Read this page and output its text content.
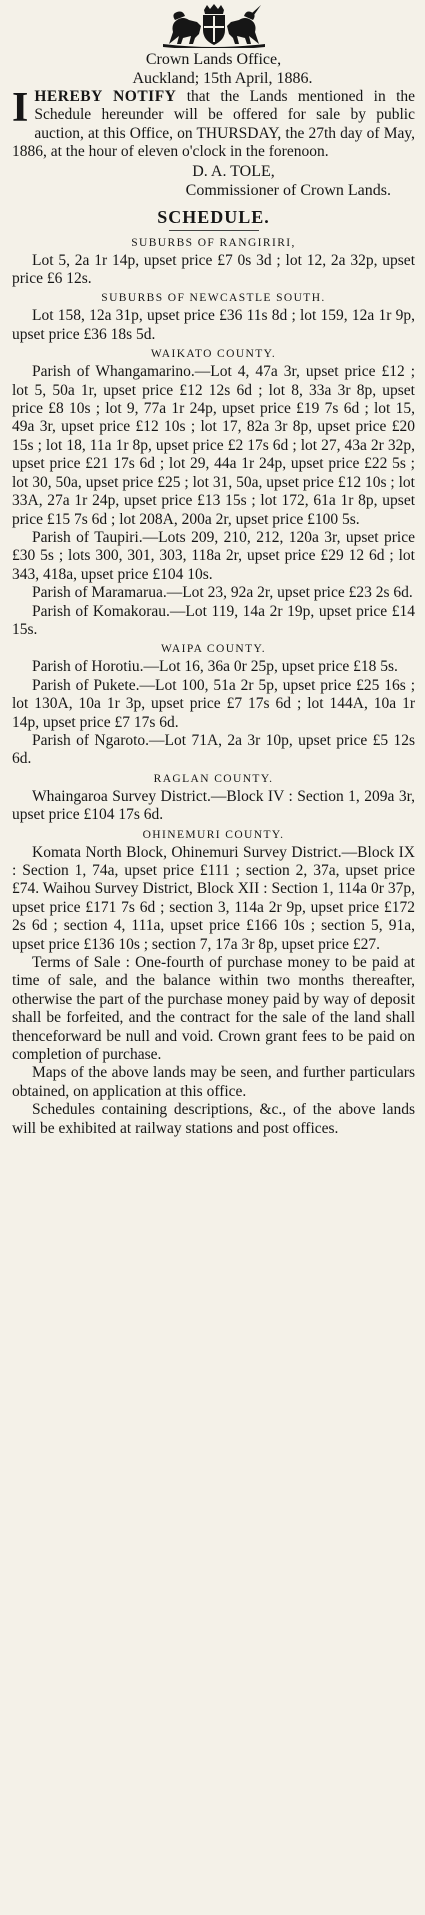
Crown Lands Office,
Auckland; 15th April, 1886.

IHEREBY NOTIFY that the Lands mentioned in the Schedule hereunder will be offered for sale by public auction, at this Office, on THURSDAY, the 27th day of May, 1886, at the hour of eleven o'clock in the forenoon.

D. A. TOLE,
Commissioner of Crown Lands.
SCHEDULE.
SUBURBS OF RANGIRIRI,

Lot 5, 2a 1r 14p, upset price £7 0s 3d ; lot 12, 2a 32p, upset price £6 12s.

SUBURBS OF NEWCASTLE SOUTH.

Lot 158, 12a 31p, upset price £36 11s 8d ; lot 159, 12a 1r 9p, upset price £36 18s 5d.

WAIKATO COUNTY.

Parish of Whangamarino.—Lot 4, 47a 3r, upset price £12 ; lot 5, 50a 1r, upset price £12 12s 6d ; lot 8, 33a 3r 8p, upset price £8 10s ; lot 9, 77a 1r 24p, upset price £19 7s 6d ; lot 15, 49a 3r, upset price £12 10s ; lot 17, 82a 3r 8p, upset price £20 15s ; lot 18, 11a 1r 8p, upset price £2 17s 6d ; lot 27, 43a 2r 32p, upset price £21 17s 6d ; lot 29, 44a 1r 24p, upset price £22 5s ; lot 30, 50a, upset price £25 ; lot 31, 50a, upset price £12 10s ; lot 33A, 27a 1r 24p, upset price £13 15s ; lot 172, 61a 1r 8p, upset price £15 7s 6d ; lot 208A, 200a 2r, upset price £100 5s.

Parish of Taupiri.—Lots 209, 210, 212, 120a 3r, upset price £30 5s ; lots 300, 301, 303, 118a 2r, upset price £29 12 6d ; lot 343, 418a, upset price £104 10s.

Parish of Maramarua.—Lot 23, 92a 2r, upset price £23 2s 6d.

Parish of Komakorau.—Lot 119, 14a 2r 19p, upset price £14 15s.

WAIPA COUNTY.

Parish of Horotiu.—Lot 16, 36a 0r 25p, upset price £18 5s.

Parish of Pukete.—Lot 100, 51a 2r 5p, upset price £25 16s ; lot 130A, 10a 1r 3p, upset price £7 17s 6d ; lot 144A, 10a 1r 14p, upset price £7 17s 6d.

Parish of Ngaroto.—Lot 71A, 2a 3r 10p, upset price £5 12s 6d.

RAGLAN COUNTY.

Whaingaroa Survey District.—Block IV : Section 1, 209a 3r, upset price £104 17s 6d.

OHINEMURI COUNTY.

Komata North Block, Ohinemuri Survey District.—Block IX : Section 1, 74a, upset price £111 ; section 2, 37a, upset price £74. Waihou Survey District, Block XII : Section 1, 114a 0r 37p, upset price £171 7s 6d ; section 3, 114a 2r 9p, upset price £172 2s 6d ; section 4, 111a, upset price £166 10s ; section 5, 91a, upset price £136 10s ; section 7, 17a 3r 8p, upset price £27.

Terms of Sale : One-fourth of purchase money to be paid at time of sale, and the balance within two months thereafter, otherwise the part of the purchase money paid by way of deposit shall be forfeited, and the contract for the sale of the land shall thenceforward be null and void. Crown grant fees to be paid on completion of purchase.

Maps of the above lands may be seen, and further particulars obtained, on application at this office.

Schedules containing descriptions, &c., of the above lands will be exhibited at railway stations and post offices.
